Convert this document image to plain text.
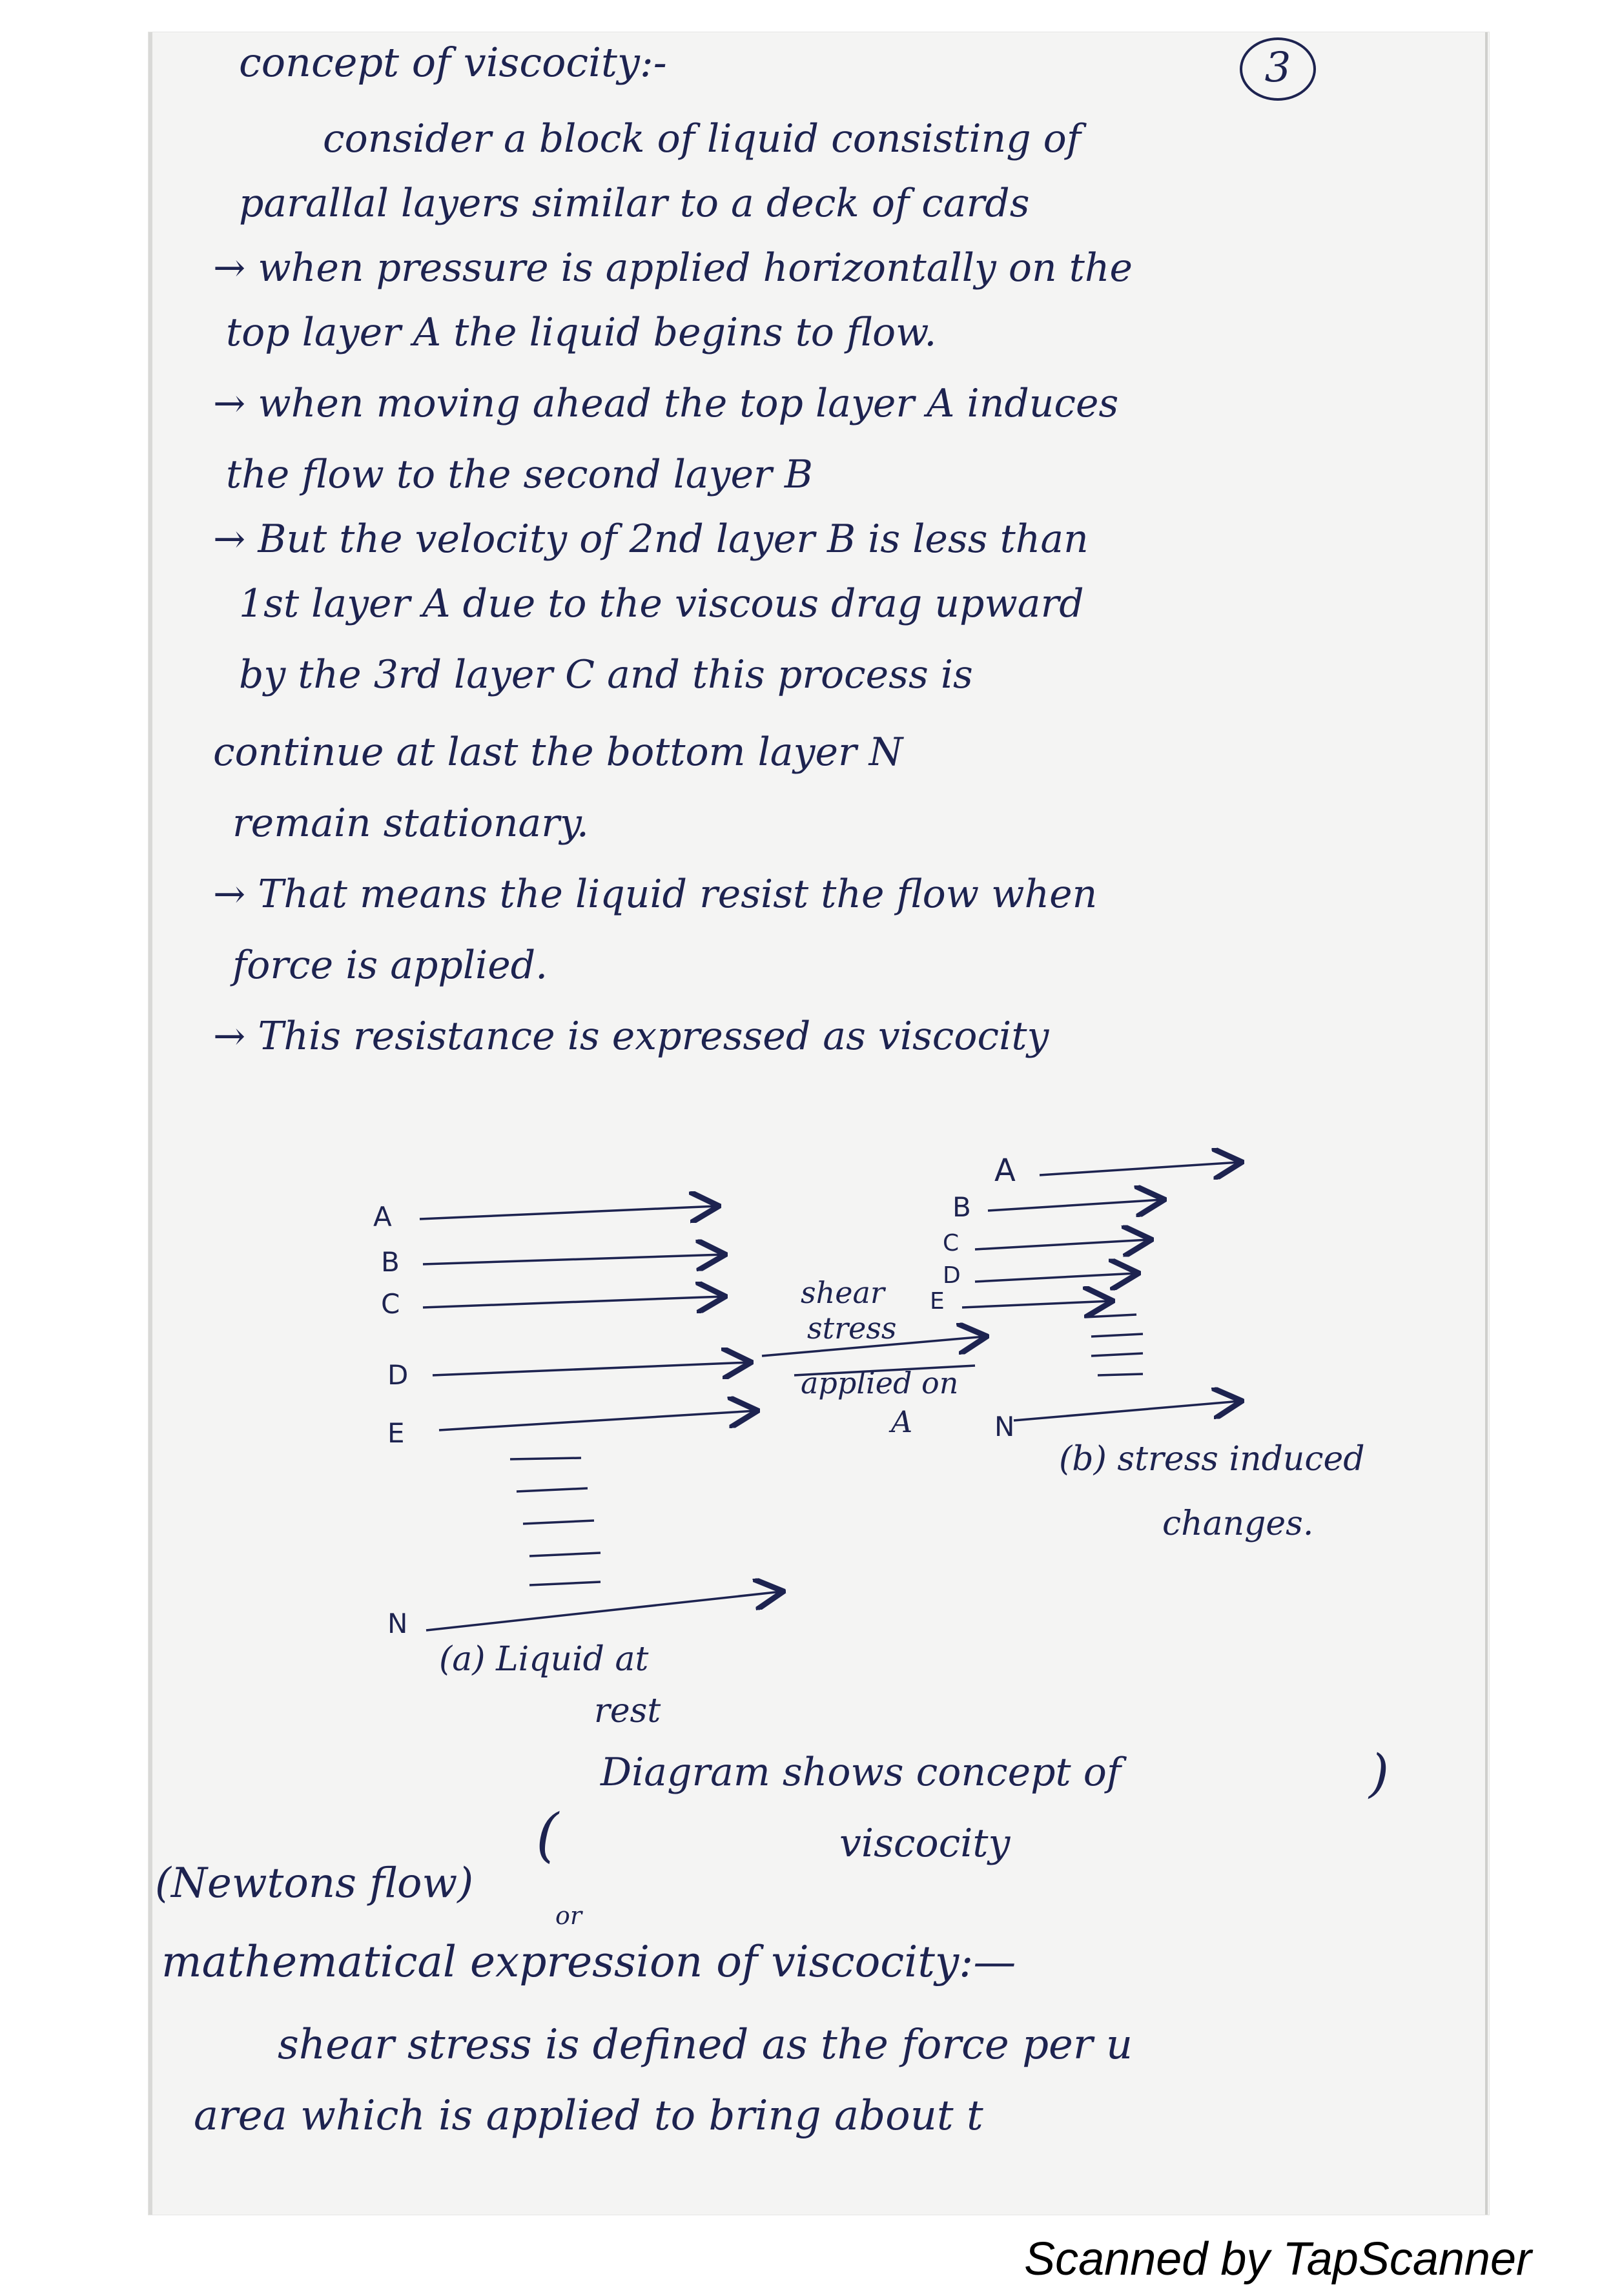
3
concept of viscocity:-
consider a block of liquid consisting of
parallal layers similar to a deck of cards
→ when pressure is applied horizontally on the
top layer A the liquid begins to flow.
→ when moving ahead the top layer A induces
the flow to the second layer B
→ But the velocity of 2nd layer B is less than
1st layer A due to the viscous drag upward
by the 3rd layer C and this process is
continue at last the bottom layer N
remain stationary.
→ That means the liquid resist the flow when
force is applied.
→ This resistance is expressed as viscocity
A
B
C
D
E
N
(a) Liquid at
rest
shear
stress
applied on
A
A
B
C
D
E
N
(b) stress induced
changes.
Diagram shows concept of
viscocity
)
(
(Newtons flow)
or
mathematical expression of viscocity:—
shear stress is defined as the force per u
area which is applied to bring about t
Scanned by TapScanner
